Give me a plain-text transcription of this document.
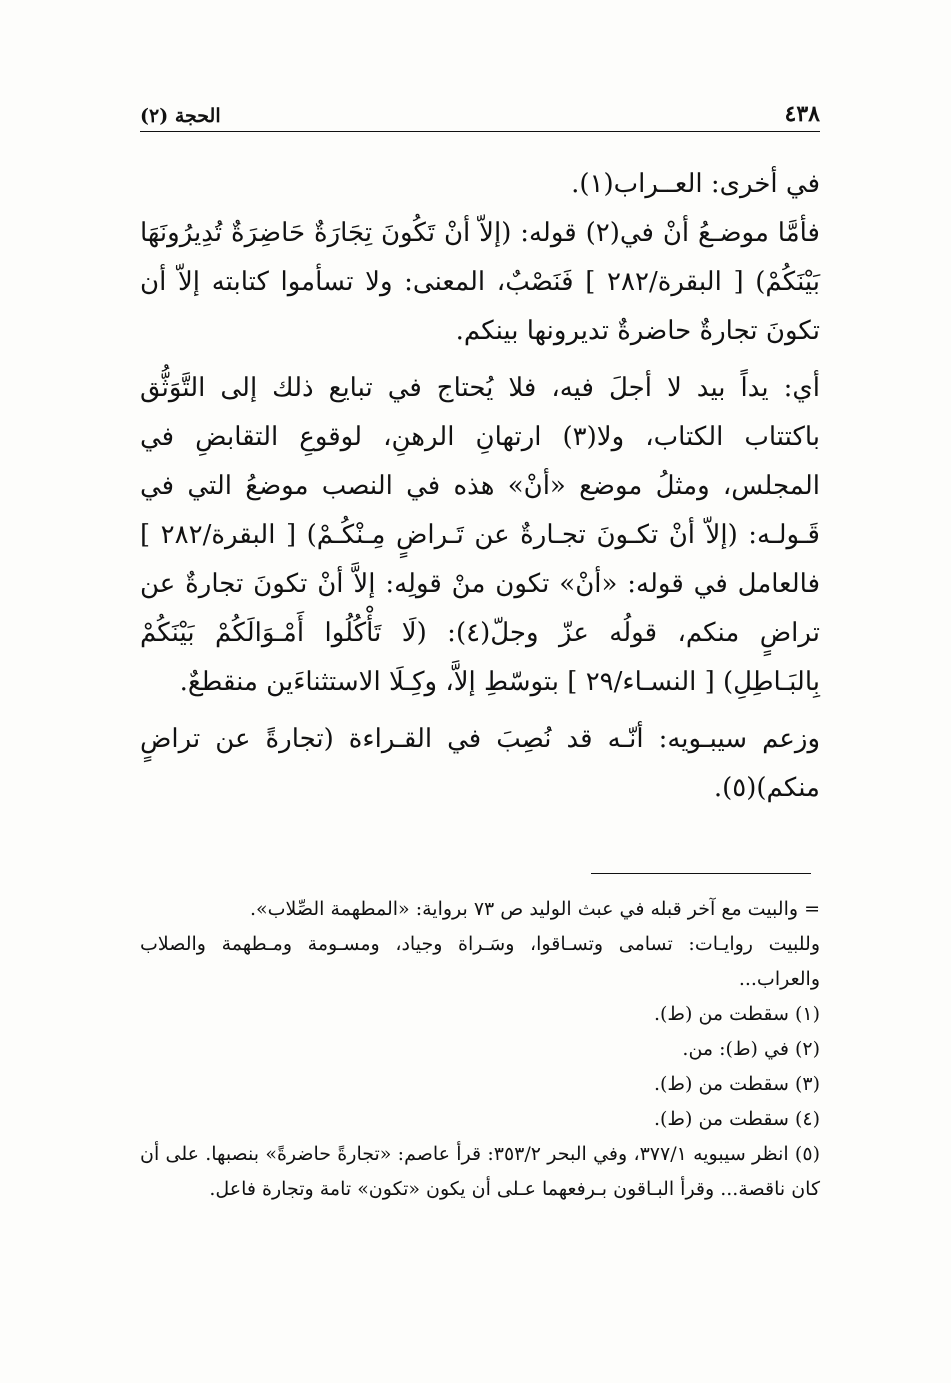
٤٣٨
الحجة (٢)

في أخرى: العــراب(١).

فأمَّا موضـعُ أنْ في(٢) قوله: (إلاّ أنْ تَكُونَ تِجَارَةٌ حَاضِرَةٌ تُدِيرُونَهَا بَيْنَكُمْ) [ البقرة/٢٨٢ ] فَنَصْبٌ، المعنى: ولا تسأموا كتابته إلاّ أن تكونَ تجارةٌ حاضرةٌ تديرونها بينكم.

أي: يداً بيد لا أجلَ فيه، فلا يُحتاج في تبايع ذلك إلى التَّوَثُّق باكتتاب الكتاب، ولا(٣) ارتهانِ الرهنِ، لوقوعِ التقابضِ في المجلس، ومثلُ موضع «أنْ» هذه في النصب موضعُ التي في قَـولـه: (إلاّ أنْ تكـونَ تجـارةٌ عن تَـراضٍ مِـنْكُـمْ) [ البقرة/٢٨٢ ] فالعامل في قوله: «أنْ» تكون منْ قولِه: إلاَّ أنْ تكونَ تجارةٌ عن تراضٍ منكم، قولُه عزّ وجلّ(٤): (لَا تَأْكُلُوا أَمْـوَالَكُمْ بَيْنَكُمْ بِالبَـاطِلِ) [ النسـاء/٢٩ ] بتوسّطِ إلاَّ، وكِـلَا الاستثناءَين منقطعٌ.

وزعم سيبـويه: أنّـه قد نُصِبَ في القـراءة (تجارةً عن تراضٍ منكم)(٥).

= والبيت مع آخر قبله في عبث الوليد ص ٧٣ برواية: «المطهمة الصِّلاب».

وللبيت روايـات: تسامى وتسـاقوا، وسَـراة وجياد، ومسـومة ومـطهمة والصلاب والعراب...

(١) سقطت من (ط).

(٢) في (ط): من.

(٣) سقطت من (ط).

(٤) سقطت من (ط).

(٥) انظر سيبويه ٣٧٧/١، وفي البحر ٣٥٣/٢: قرأ عاصم: «تجارةً حاضرةً» بنصبها. على أن كان ناقصة... وقرأ البـاقون بـرفعهما عـلى أن يكون «تكون» تامة وتجارة فاعل.
